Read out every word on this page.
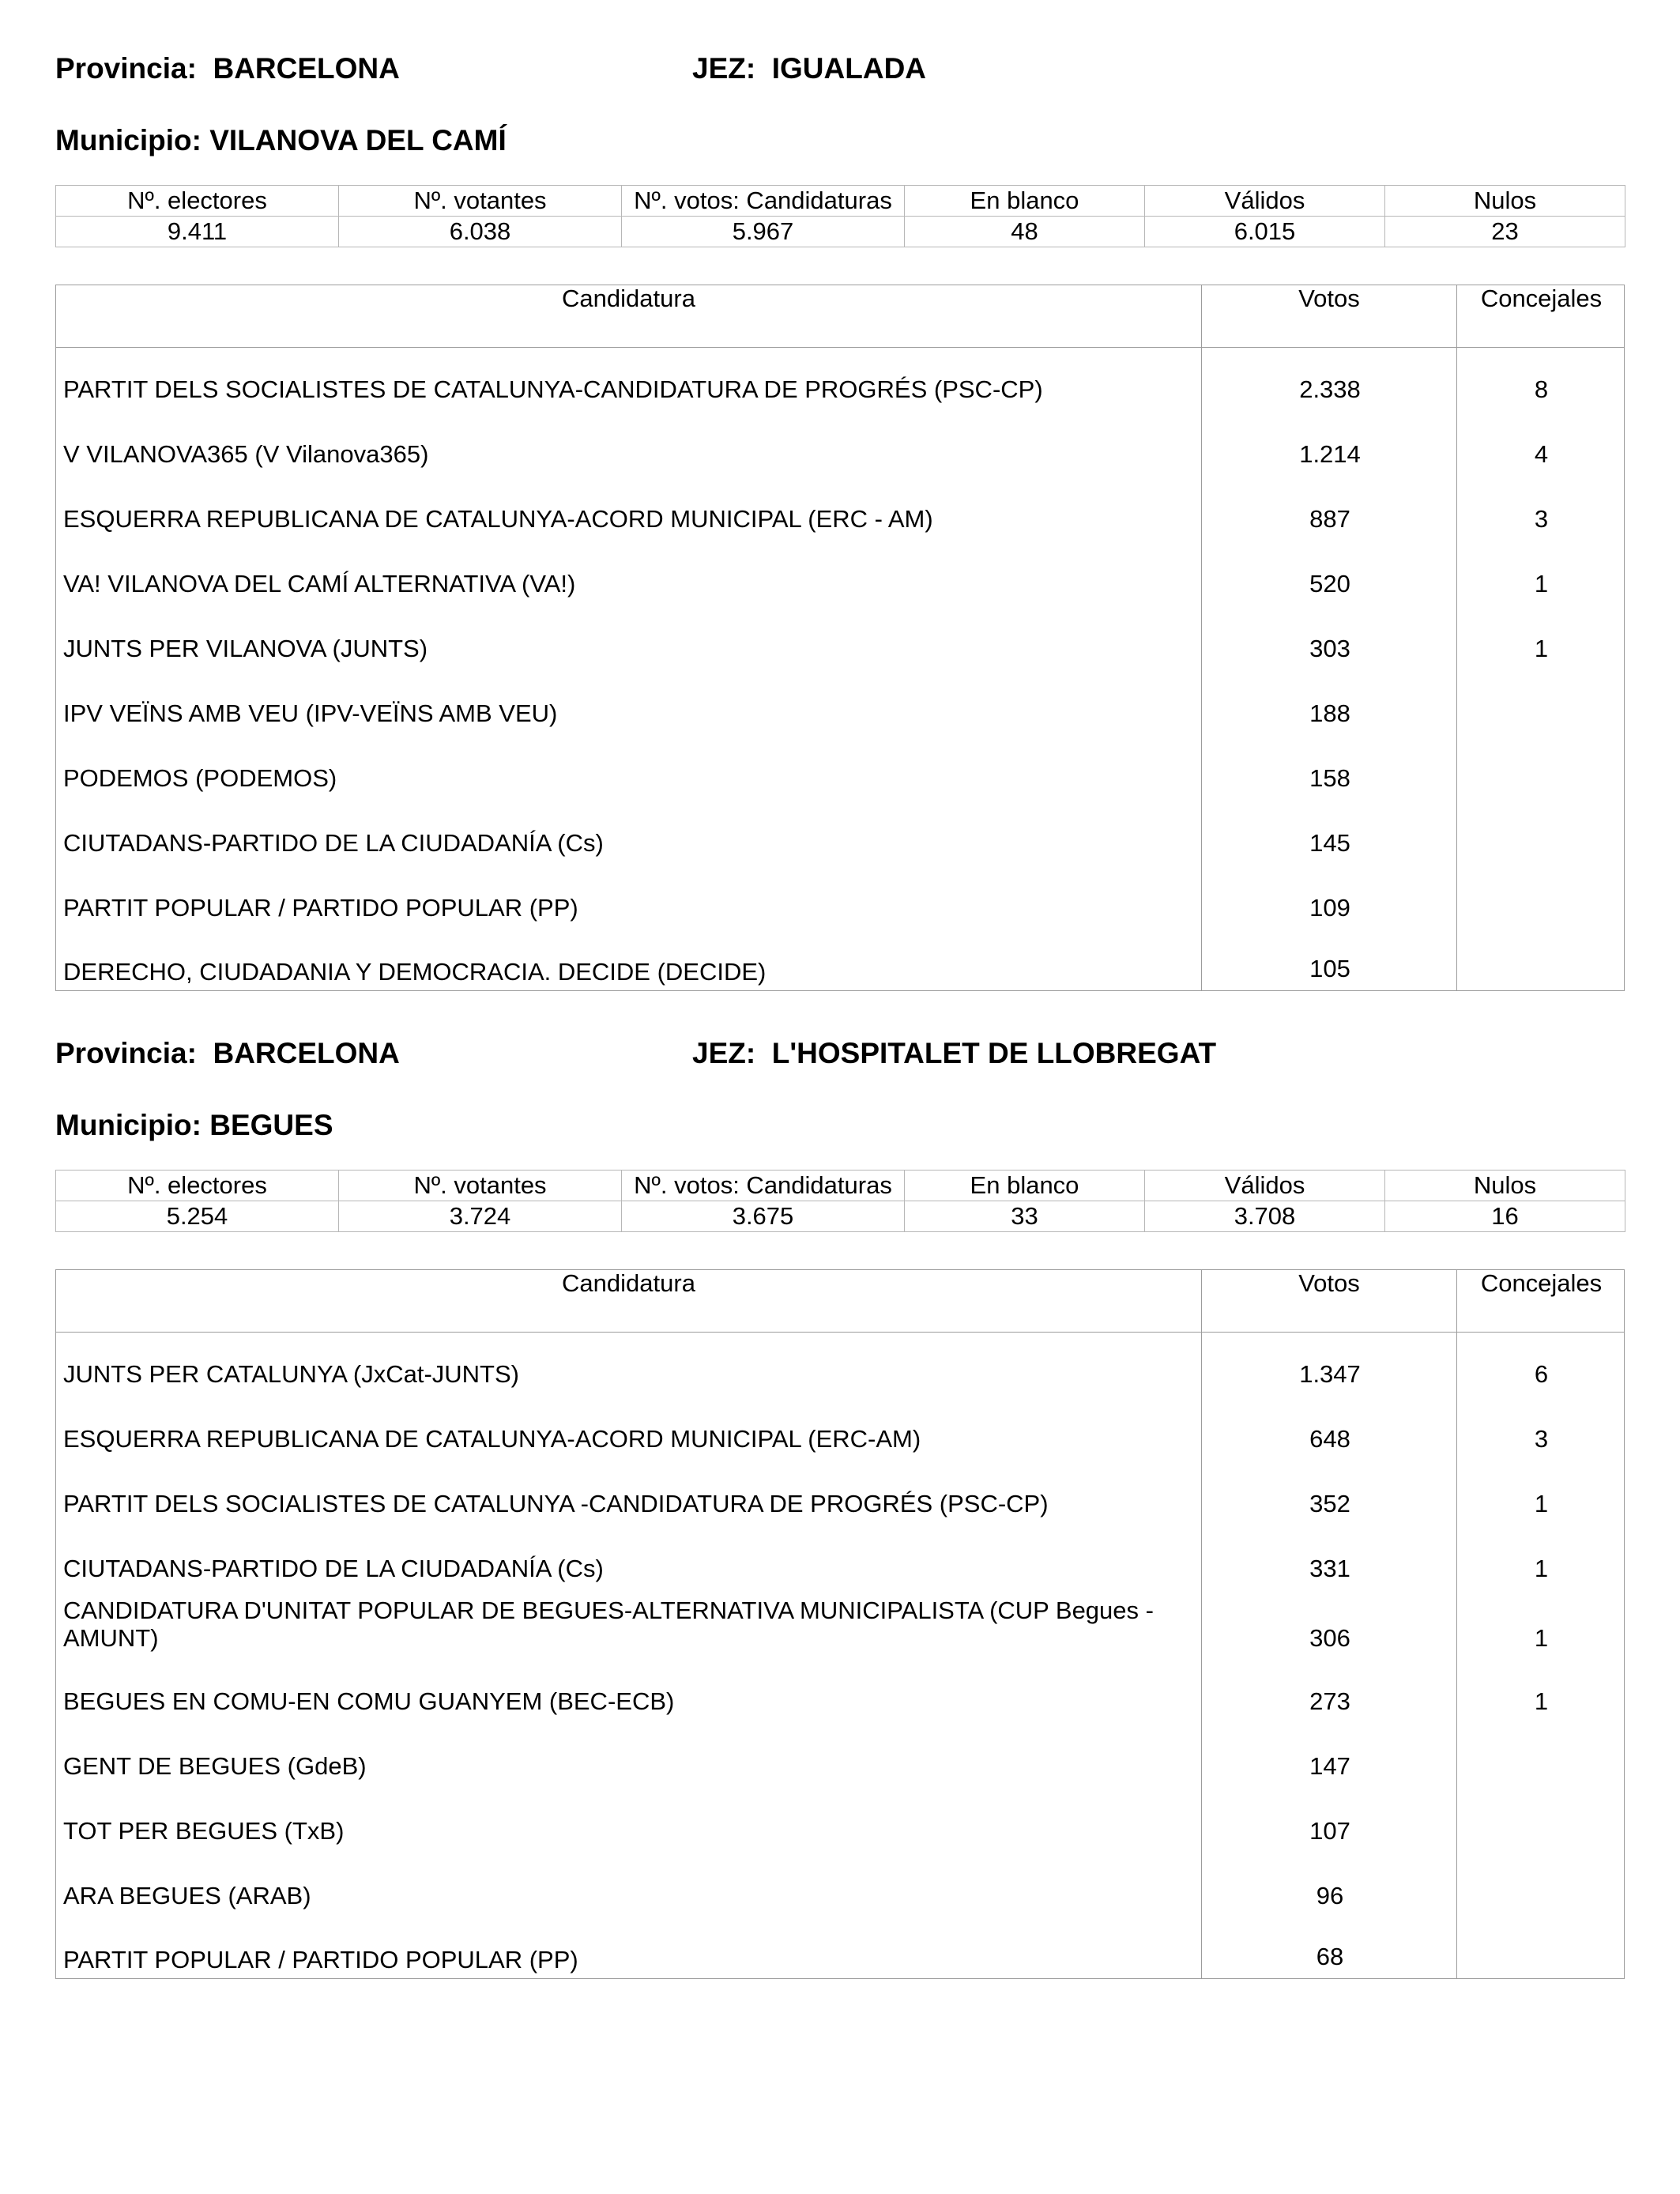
Provincia: BARCELONA	JEZ: IGUALADA
Municipio: VILANOVA DEL CAMÍ
Nº. electores	Nº. votantes	Nº. votos: Candidaturas	En blanco	Válidos	Nulos
9.411	6.038	5.967	48	6.015	23
Candidatura	Votos	Concejales
PARTIT DELS SOCIALISTES DE CATALUNYA-CANDIDATURA DE PROGRÉS (PSC-CP)	2.338	8
V VILANOVA365 (V Vilanova365)	1.214	4
ESQUERRA REPUBLICANA DE CATALUNYA-ACORD MUNICIPAL (ERC - AM)	887	3
VA! VILANOVA DEL CAMÍ ALTERNATIVA (VA!)	520	1
JUNTS PER VILANOVA (JUNTS)	303	1
IPV VEÏNS AMB VEU (IPV-VEÏNS AMB VEU)	188
PODEMOS (PODEMOS)	158
CIUTADANS-PARTIDO DE LA CIUDADANÍA (Cs)	145
PARTIT POPULAR / PARTIDO POPULAR (PP)	109
DERECHO, CIUDADANIA Y DEMOCRACIA. DECIDE (DECIDE)	105
Provincia: BARCELONA	JEZ: L'HOSPITALET DE LLOBREGAT
Municipio: BEGUES
Nº. electores	Nº. votantes	Nº. votos: Candidaturas	En blanco	Válidos	Nulos
5.254	3.724	3.675	33	3.708	16
Candidatura	Votos	Concejales
JUNTS PER CATALUNYA (JxCat-JUNTS)	1.347	6
ESQUERRA REPUBLICANA DE CATALUNYA-ACORD MUNICIPAL (ERC-AM)	648	3
PARTIT DELS SOCIALISTES DE CATALUNYA -CANDIDATURA DE PROGRÉS (PSC-CP)	352	1
CIUTADANS-PARTIDO DE LA CIUDADANÍA (Cs)	331	1
CANDIDATURA D'UNITAT POPULAR DE BEGUES-ALTERNATIVA MUNICIPALISTA (CUP Begues - AMUNT)	306	1
BEGUES EN COMU-EN COMU GUANYEM (BEC-ECB)	273	1
GENT DE BEGUES (GdeB)	147
TOT PER BEGUES (TxB)	107
ARA BEGUES (ARAB)	96
PARTIT POPULAR / PARTIDO POPULAR (PP)	68
